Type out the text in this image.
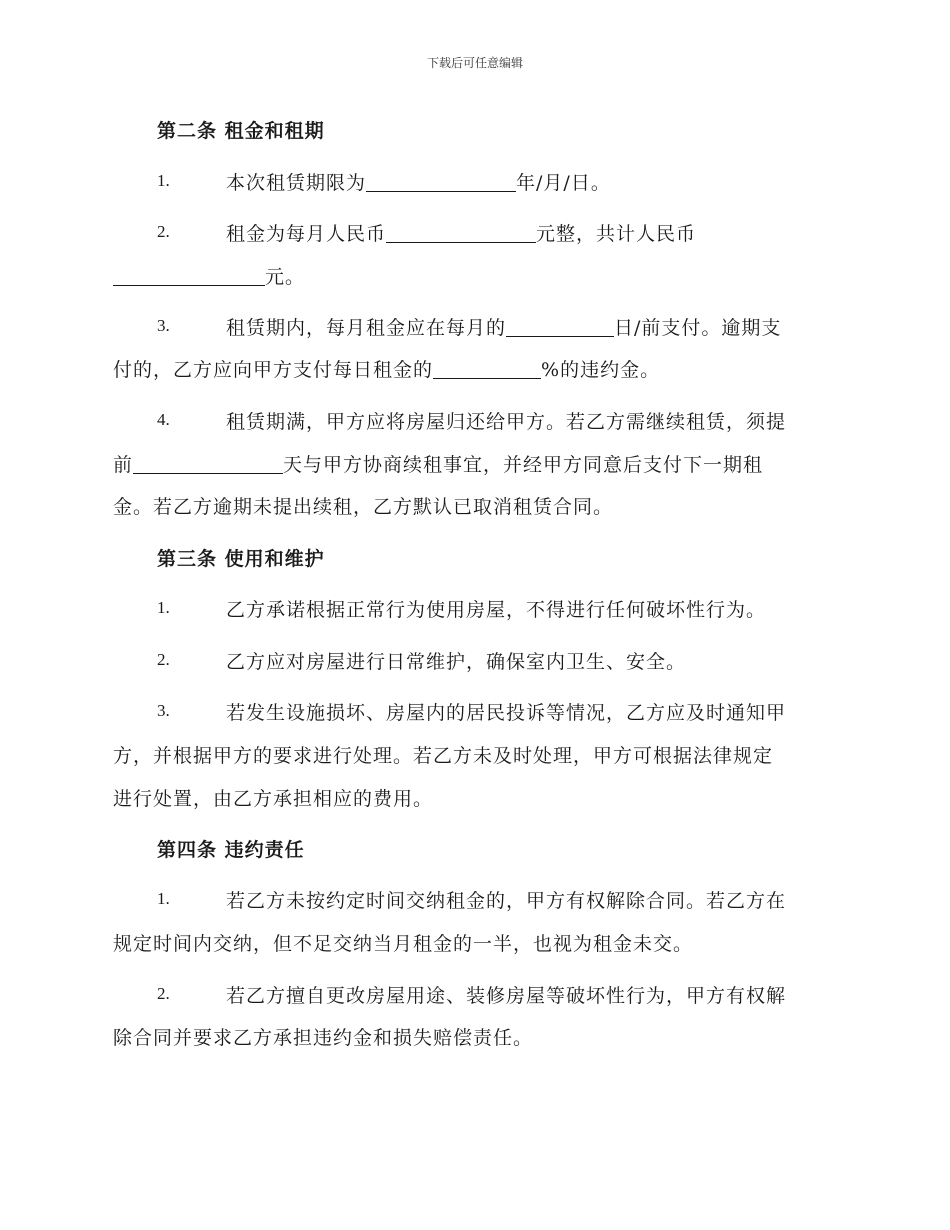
下载后可任意编辑
第二条 租金和租期
1.	本次租赁期限为	年/月/日。
2.	租金为每月人民币	元整，共计人民币
元。
3.	租赁期内，每月租金应在每月的	日/前支付。逾期支
付的，乙方应向甲方支付每日租金的	%的违约金。
4.	租赁期满，甲方应将房屋归还给甲方。若乙方需继续租赁，须提
前	天与甲方协商续租事宜，并经甲方同意后支付下一期租
金。若乙方逾期未提出续租，乙方默认已取消租赁合同。
第三条 使用和维护
1.	乙方承诺根据正常行为使用房屋，不得进行任何破坏性行为。
2.	乙方应对房屋进行日常维护，确保室内卫生、安全。
3.	若发生设施损坏、房屋内的居民投诉等情况，乙方应及时通知甲
方，并根据甲方的要求进行处理。若乙方未及时处理，甲方可根据法律规定
进行处置，由乙方承担相应的费用。
第四条 违约责任
1.	若乙方未按约定时间交纳租金的，甲方有权解除合同。若乙方在
规定时间内交纳，但不足交纳当月租金的一半，也视为租金未交。
2.	若乙方擅自更改房屋用途、装修房屋等破坏性行为，甲方有权解
除合同并要求乙方承担违约金和损失赔偿责任。
